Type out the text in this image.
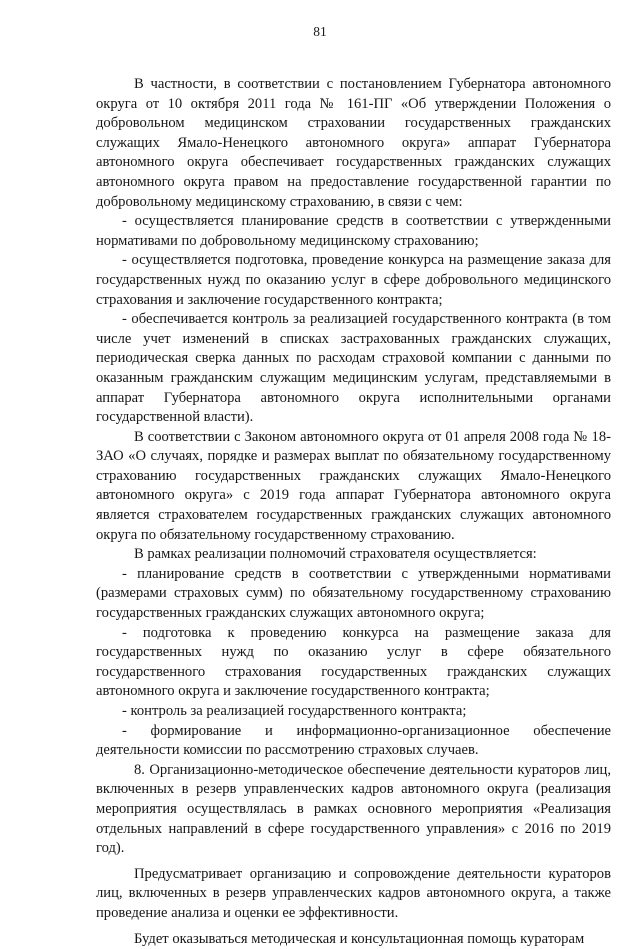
81

В частности, в соответствии с постановлением Губернатора автономного округа от 10 октября 2011 года № 161-ПГ «Об утверждении Положения о добровольном медицинском страховании государственных гражданских служащих Ямало-Ненецкого автономного округа» аппарат Губернатора автономного округа обеспечивает государственных гражданских служащих автономного округа правом на предоставление государственной гарантии по добровольному медицинскому страхованию, в связи с чем:

- осуществляется планирование средств в соответствии с утвержденными нормативами по добровольному медицинскому страхованию;

- осуществляется подготовка, проведение конкурса на размещение заказа для государственных нужд по оказанию услуг в сфере добровольного медицинского страхования и заключение государственного контракта;

- обеспечивается контроль за реализацией государственного контракта (в том числе учет изменений в списках застрахованных гражданских служащих, периодическая сверка данных по расходам страховой компании с данными по оказанным гражданским служащим медицинским услугам, представляемыми в аппарат Губернатора автономного округа исполнительными органами государственной власти).

В соответствии с Законом автономного округа от 01 апреля 2008 года № 18-ЗАО «О случаях, порядке и размерах выплат по обязательному государственному страхованию государственных гражданских служащих Ямало-Ненецкого автономного округа» с 2019 года аппарат Губернатора автономного округа является страхователем государственных гражданских служащих автономного округа по обязательному государственному страхованию.

В рамках реализации полномочий страхователя осуществляется:

- планирование средств в соответствии с утвержденными нормативами (размерами страховых сумм) по обязательному государственному страхованию государственных гражданских служащих автономного округа;

- подготовка к проведению конкурса на размещение заказа для государственных нужд по оказанию услуг в сфере обязательного государственного страхования государственных гражданских служащих автономного округа и заключение государственного контракта;

- контроль за реализацией государственного контракта;

- формирование и информационно-организационное обеспечение деятельности комиссии по рассмотрению страховых случаев.

8. Организационно-методическое обеспечение деятельности кураторов лиц, включенных в резерв управленческих кадров автономного округа (реализация мероприятия осуществлялась в рамках основного мероприятия «Реализация отдельных направлений в сфере государственного управления» с 2016 по 2019 год).

Предусматривает организацию и сопровождение деятельности кураторов лиц, включенных в резерв управленческих кадров автономного округа, а также проведение анализа и оценки ее эффективности.

Будет оказываться методическая и консультационная помощь кураторам
